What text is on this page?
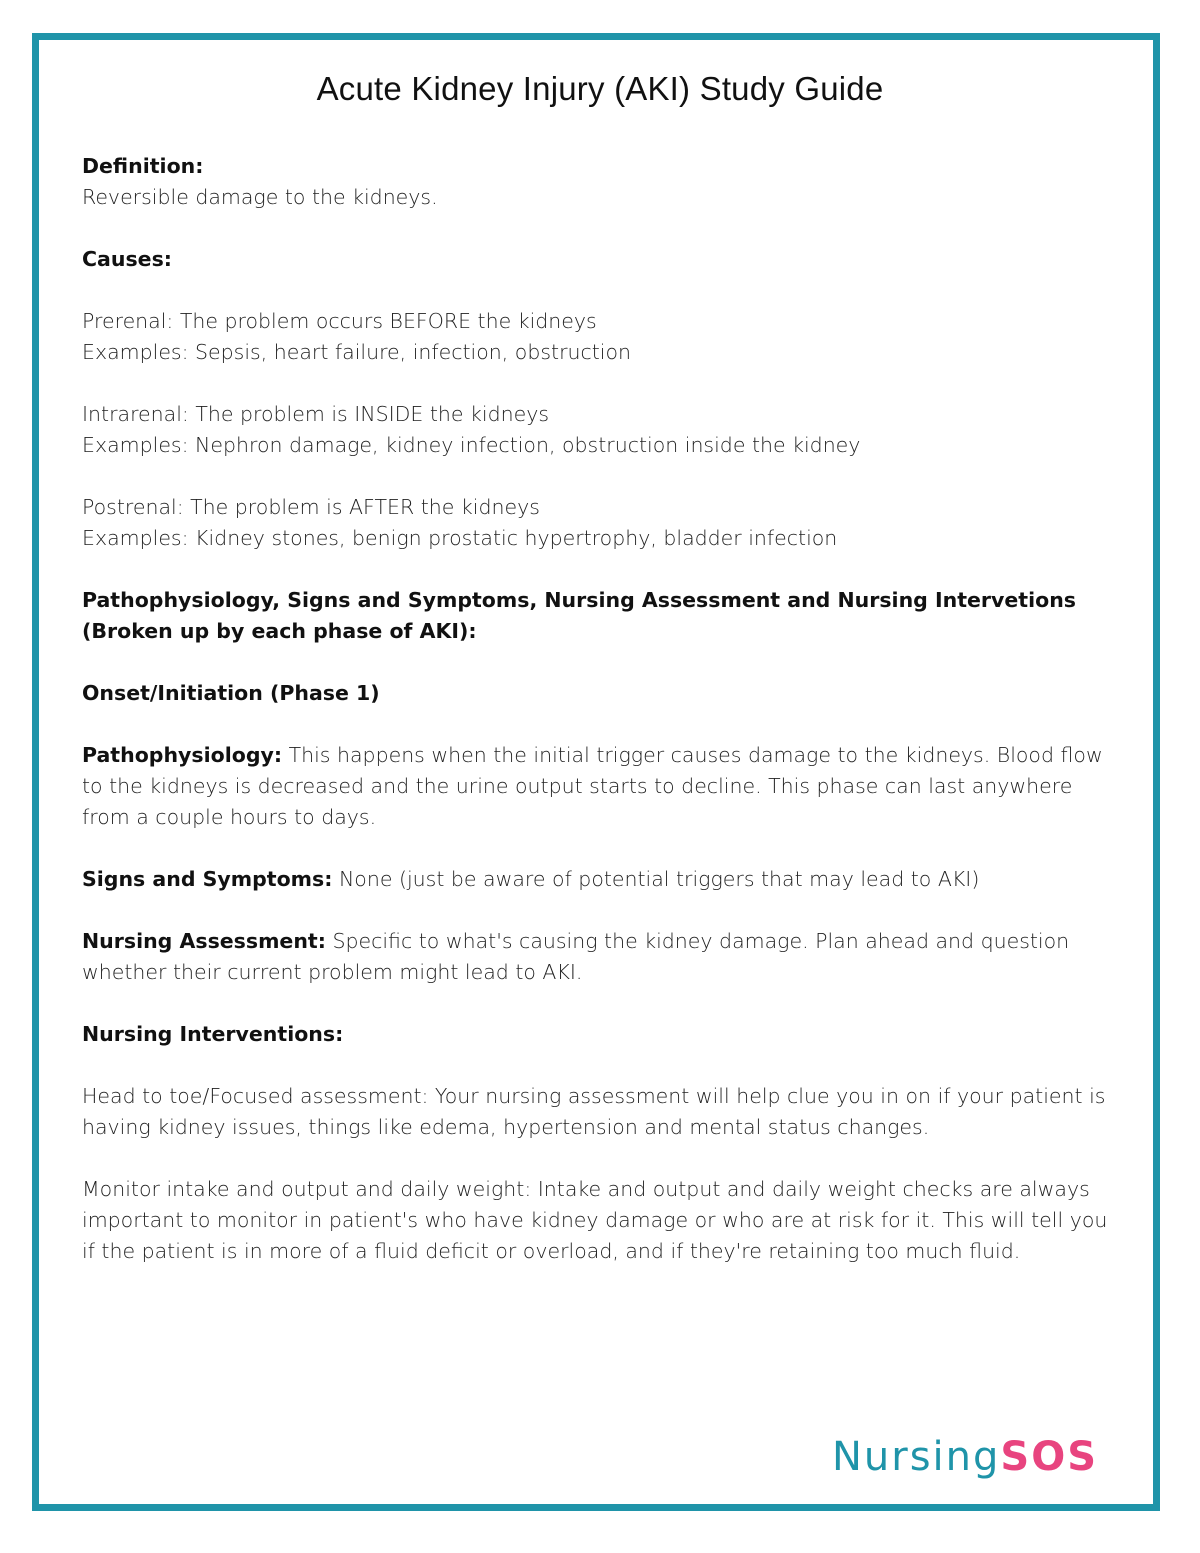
Acute Kidney Injury (AKI) Study Guide

Definition:

Reversible damage to the kidneys.

Causes:

Prerenal: The problem occurs BEFORE the kidneys

Examples: Sepsis, heart failure, infection, obstruction

Intrarenal: The problem is INSIDE the kidneys

Examples: Nephron damage, kidney infection, obstruction inside the kidney

Postrenal: The problem is AFTER the kidneys

Examples: Kidney stones, benign prostatic hypertrophy, bladder infection

Pathophysiology, Signs and Symptoms, Nursing Assessment and Nursing Intervetions (Broken up by each phase of AKI):

Onset/Initiation (Phase 1)

Pathophysiology: This happens when the initial trigger causes damage to the kidneys. Blood flow to the kidneys is decreased and the urine output starts to decline. This phase can last anywhere from a couple hours to days.

Signs and Symptoms: None (just be aware of potential triggers that may lead to AKI)

Nursing Assessment: Specific to what's causing the kidney damage. Plan ahead and question whether their current problem might lead to AKI.

Nursing Interventions:

Head to toe/Focused assessment: Your nursing assessment will help clue you in on if your patient is having kidney issues, things like edema, hypertension and mental status changes.

Monitor intake and output and daily weight: Intake and output and daily weight checks are always important to monitor in patient's who have kidney damage or who are at risk for it. This will tell you if the patient is in more of a fluid deficit or overload, and if they're retaining too much fluid.

NursingSOS
